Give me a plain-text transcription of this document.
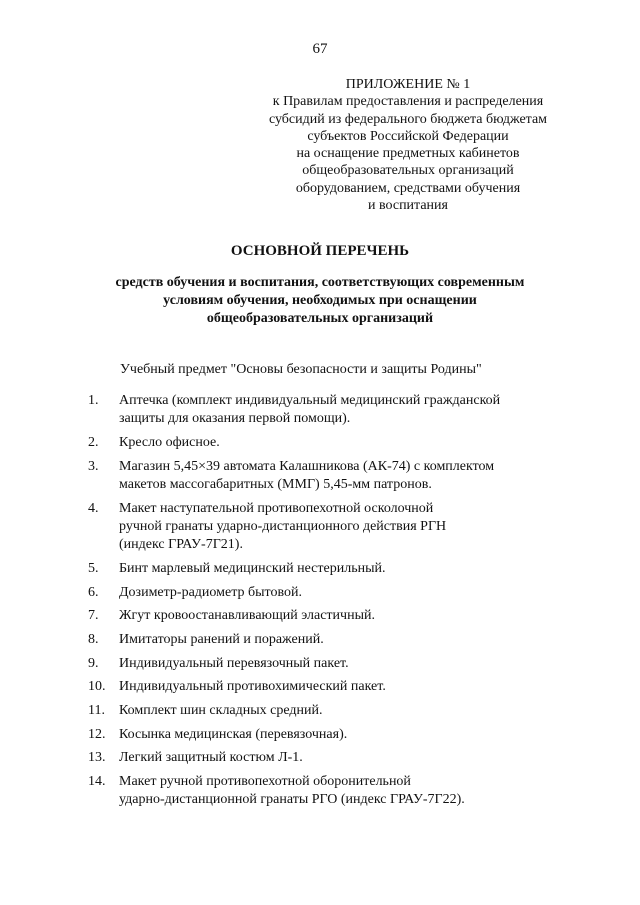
67
ПРИЛОЖЕНИЕ № 1
к Правилам предоставления и распределения
субсидий из федерального бюджета бюджетам
субъектов Российской Федерации
на оснащение предметных кабинетов
общеобразовательных организаций
оборудованием, средствами обучения
и воспитания
ОСНОВНОЙ ПЕРЕЧЕНЬ
средств обучения и воспитания, соответствующих современным
условиям обучения, необходимых при оснащении
общеобразовательных организаций
Учебный предмет "Основы безопасности и защиты Родины"
1.	Аптечка (комплект индивидуальный медицинский гражданской
защиты для оказания первой помощи).
2.	Кресло офисное.
3.	Магазин 5,45×39 автомата Калашникова (АК-74) с комплектом
макетов массогабаритных (ММГ) 5,45-мм патронов.
4.	Макет наступательной противопехотной осколочной
ручной гранаты ударно-дистанционного действия РГН
(индекс ГРАУ-7Г21).
5.	Бинт марлевый медицинский нестерильный.
6.	Дозиметр-радиометр бытовой.
7.	Жгут кровоостанавливающий эластичный.
8.	Имитаторы ранений и поражений.
9.	Индивидуальный перевязочный пакет.
10. Индивидуальный противохимический пакет.
11.	Комплект шин складных средний.
12. Косынка медицинская (перевязочная).
13. Легкий защитный костюм Л-1.
14. Макет ручной противопехотной оборонительной
ударно-дистанционной гранаты РГО (индекс ГРАУ-7Г22).
